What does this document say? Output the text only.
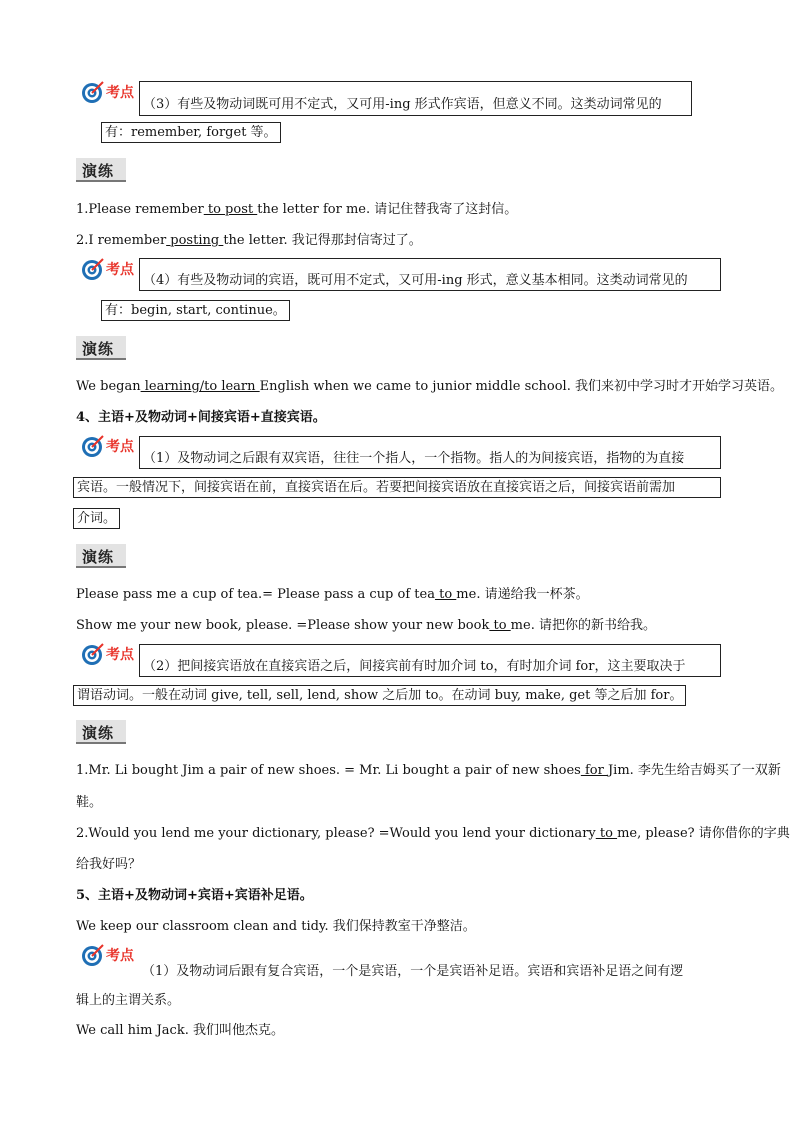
考点
（3）有些及物动词既可用不定式，又可用-ing 形式作宾语，但意义不同。这类动词常见的
有：remember, forget 等。
演练
1.Please remember to post the letter for me. 请记住替我寄了这封信。
2.I remember posting the letter. 我记得那封信寄过了。
考点
（4）有些及物动词的宾语，既可用不定式，又可用-ing 形式，意义基本相同。这类动词常见的
有：begin, start, continue。
演练
We began learning/to learn English when we came to junior middle school. 我们来初中学习时才开始学习英语。
4、主语+及物动词+间接宾语+直接宾语。
考点
（1）及物动词之后跟有双宾语，往往一个指人，一个指物。指人的为间接宾语，指物的为直接
宾语。一般情况下，间接宾语在前，直接宾语在后。若要把间接宾语放在直接宾语之后，间接宾语前需加
介词。
演练
Please pass me a cup of tea.= Please pass a cup of tea to me. 请递给我一杯茶。
Show me your new book, please. =Please show your new book to me. 请把你的新书给我。
考点
（2）把间接宾语放在直接宾语之后，间接宾前有时加介词 to，有时加介词 for，这主要取决于
谓语动词。一般在动词 give, tell, sell, lend, show 之后加 to。在动词 buy, make, get 等之后加 for。
演练
1.Mr. Li bought Jim a pair of new shoes. = Mr. Li bought a pair of new shoes for Jim. 李先生给吉姆买了一双新
鞋。
2.Would you lend me your dictionary, please? =Would you lend your dictionary to me, please? 请你借你的字典
给我好吗？
5、主语+及物动词+宾语+宾语补足语。
We keep our classroom clean and tidy. 我们保持教室干净整洁。
考点
（1）及物动词后跟有复合宾语，一个是宾语，一个是宾语补足语。宾语和宾语补足语之间有逻
辑上的主谓关系。
We call him Jack. 我们叫他杰克。
